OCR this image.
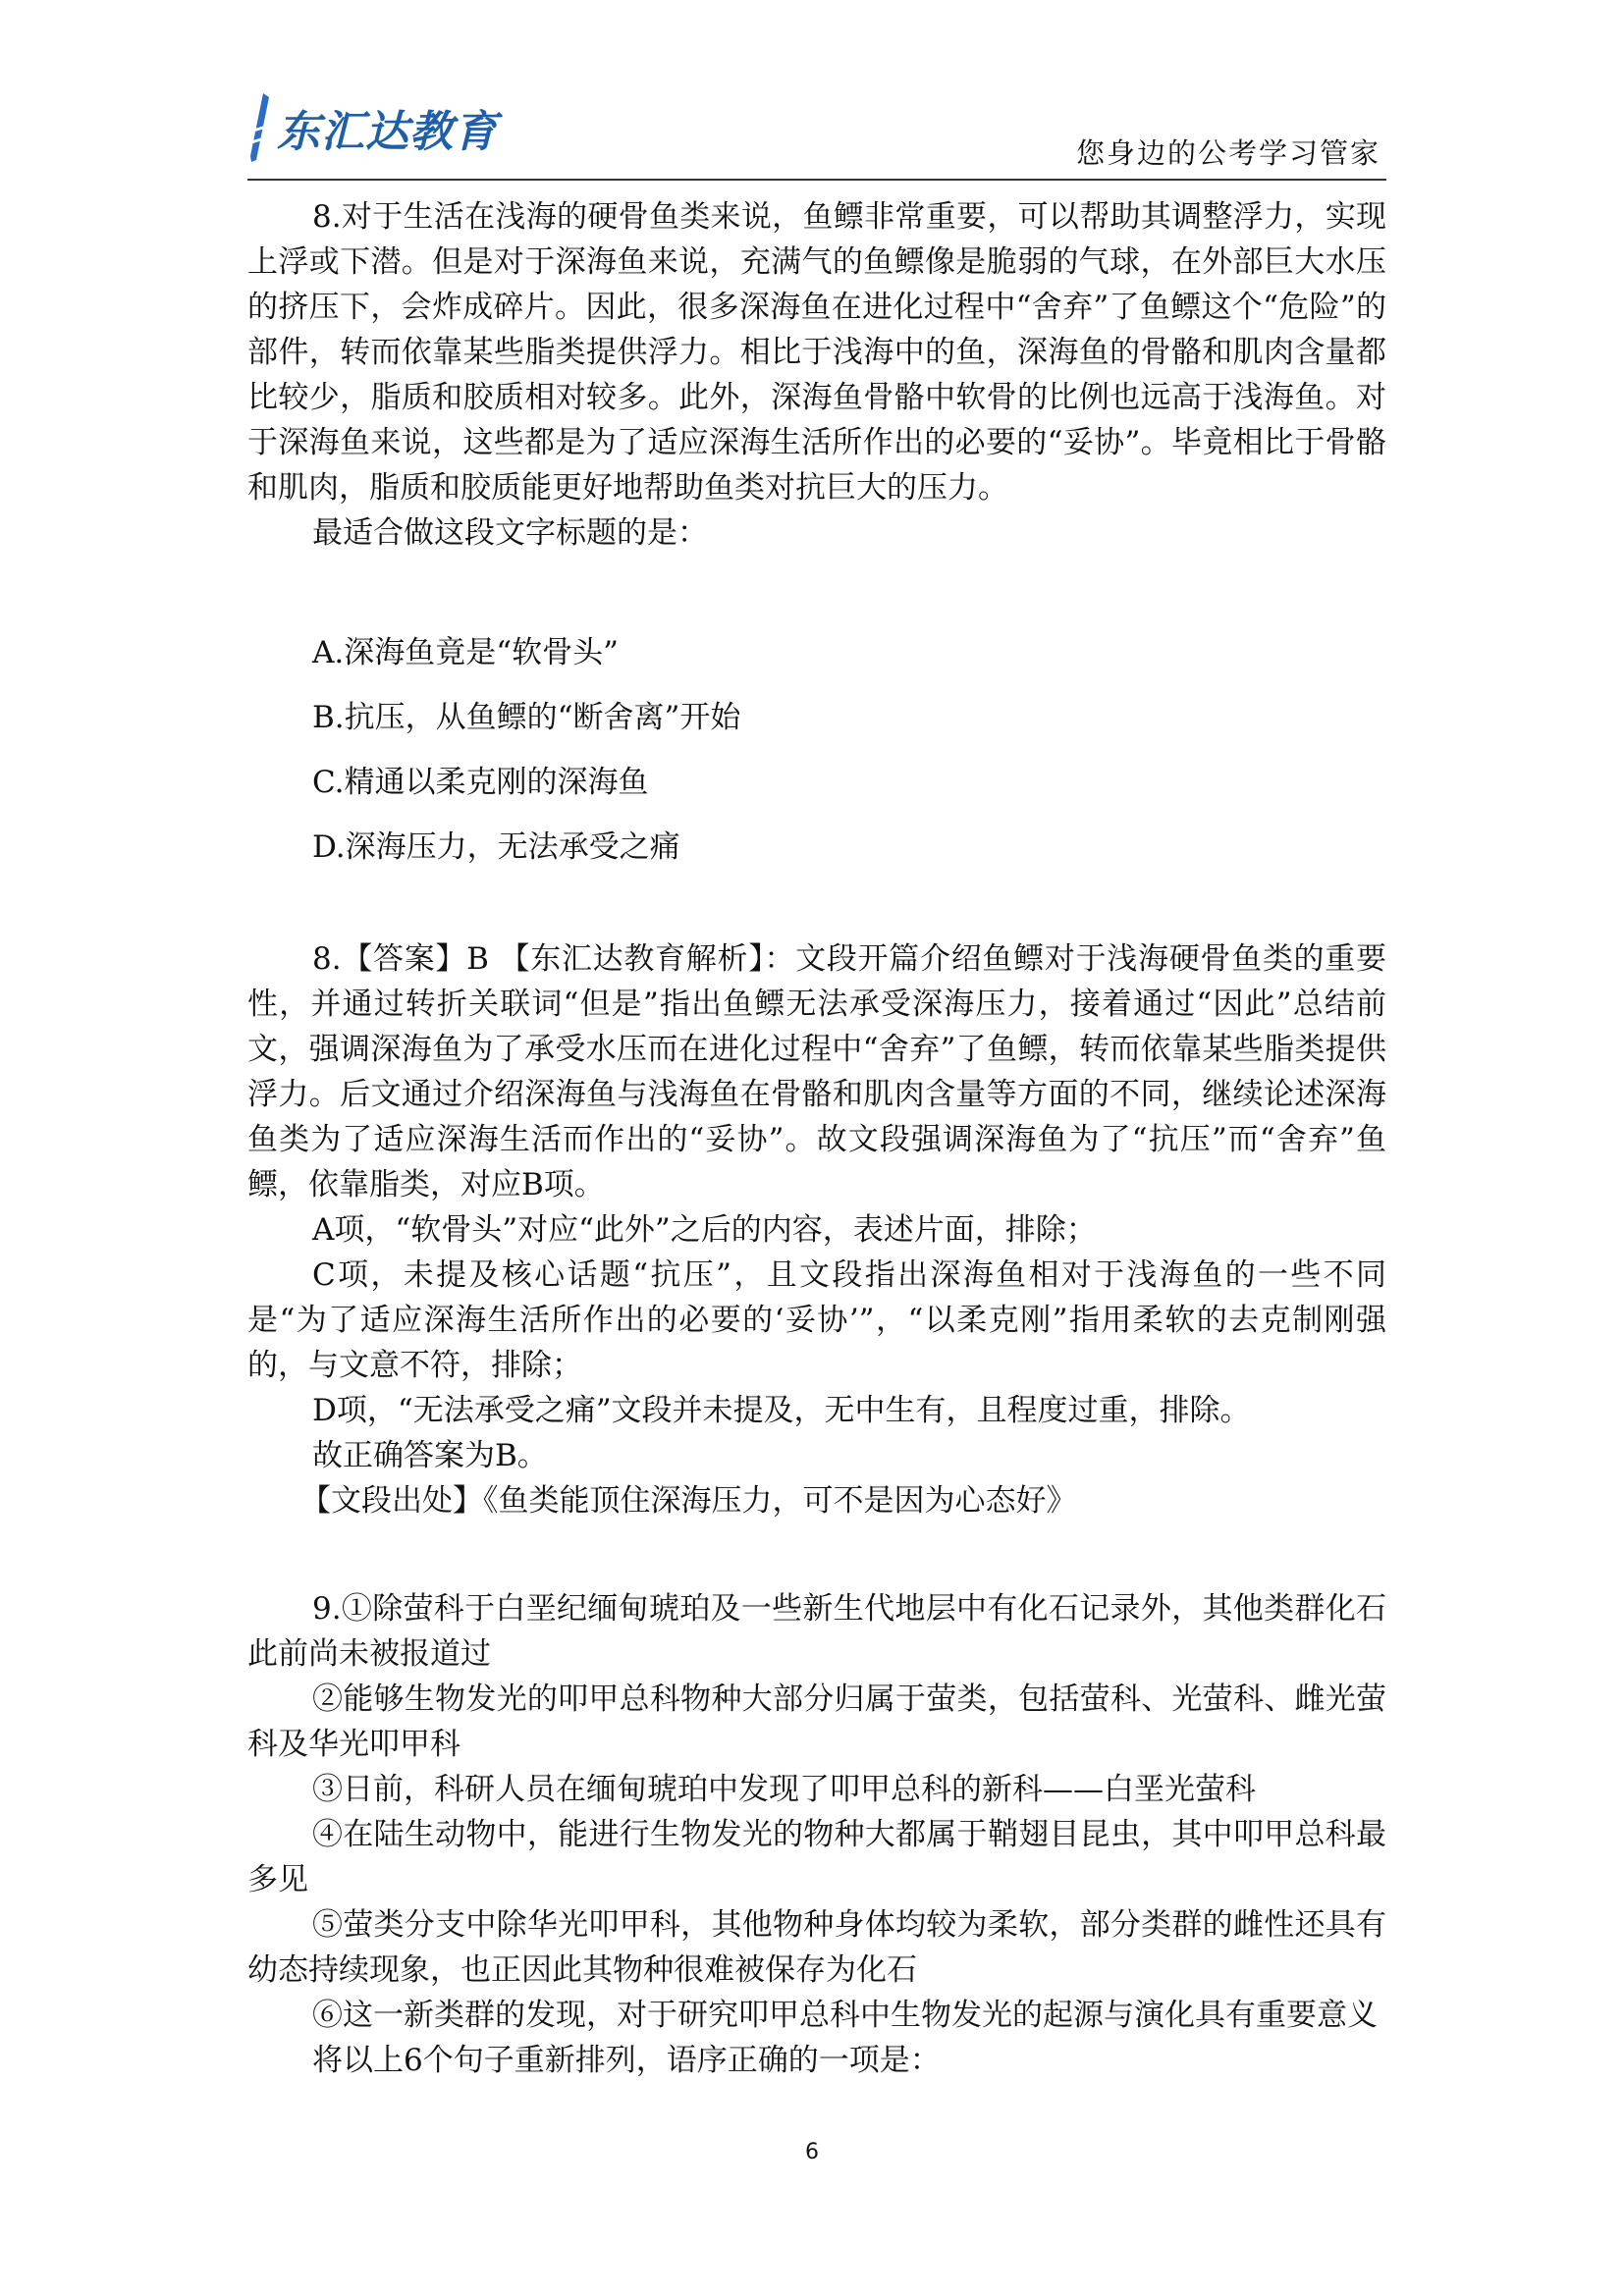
东汇达教育	您身边的公考学习管家

8.对于生活在浅海的硬骨鱼类来说，鱼鳔非常重要，可以帮助其调整浮力，实现上浮或下潜。但是对于深海鱼来说，充满气的鱼鳔像是脆弱的气球，在外部巨大水压的挤压下，会炸成碎片。因此，很多深海鱼在进化过程中“舍弃”了鱼鳔这个“危险”的部件，转而依靠某些脂类提供浮力。相比于浅海中的鱼，深海鱼的骨骼和肌肉含量都比较少，脂质和胶质相对较多。此外，深海鱼骨骼中软骨的比例也远高于浅海鱼。对于深海鱼来说，这些都是为了适应深海生活所作出的必要的“妥协”。毕竟相比于骨骼和肌肉，脂质和胶质能更好地帮助鱼类对抗巨大的压力。

最适合做这段文字标题的是：

A.深海鱼竟是“软骨头”

B.抗压，从鱼鳔的“断舍离”开始

C.精通以柔克刚的深海鱼

D.深海压力，无法承受之痛

8.【答案】B 【东汇达教育解析】：文段开篇介绍鱼鳔对于浅海硬骨鱼类的重要性，并通过转折关联词“但是”指出鱼鳔无法承受深海压力，接着通过“因此”总结前文，强调深海鱼为了承受水压而在进化过程中“舍弃”了鱼鳔，转而依靠某些脂类提供浮力。后文通过介绍深海鱼与浅海鱼在骨骼和肌肉含量等方面的不同，继续论述深海鱼类为了适应深海生活而作出的“妥协”。故文段强调深海鱼为了“抗压”而“舍弃”鱼鳔，依靠脂类，对应B项。

A项，“软骨头”对应“此外”之后的内容，表述片面，排除；

C项，未提及核心话题“抗压”，且文段指出深海鱼相对于浅海鱼的一些不同是“为了适应深海生活所作出的必要的‘妥协’”，“以柔克刚”指用柔软的去克制刚强的，与文意不符，排除；

D项，“无法承受之痛”文段并未提及，无中生有，且程度过重，排除。

故正确答案为B。

【文段出处】《鱼类能顶住深海压力，可不是因为心态好》

9.①除萤科于白垩纪缅甸琥珀及一些新生代地层中有化石记录外，其他类群化石此前尚未被报道过

②能够生物发光的叩甲总科物种大部分归属于萤类，包括萤科、光萤科、雌光萤科及华光叩甲科

③日前，科研人员在缅甸琥珀中发现了叩甲总科的新科——白垩光萤科

④在陆生动物中，能进行生物发光的物种大都属于鞘翅目昆虫，其中叩甲总科最多见

⑤萤类分支中除华光叩甲科，其他物种身体均较为柔软，部分类群的雌性还具有幼态持续现象，也正因此其物种很难被保存为化石

⑥这一新类群的发现，对于研究叩甲总科中生物发光的起源与演化具有重要意义

将以上6个句子重新排列，语序正确的一项是：

6
